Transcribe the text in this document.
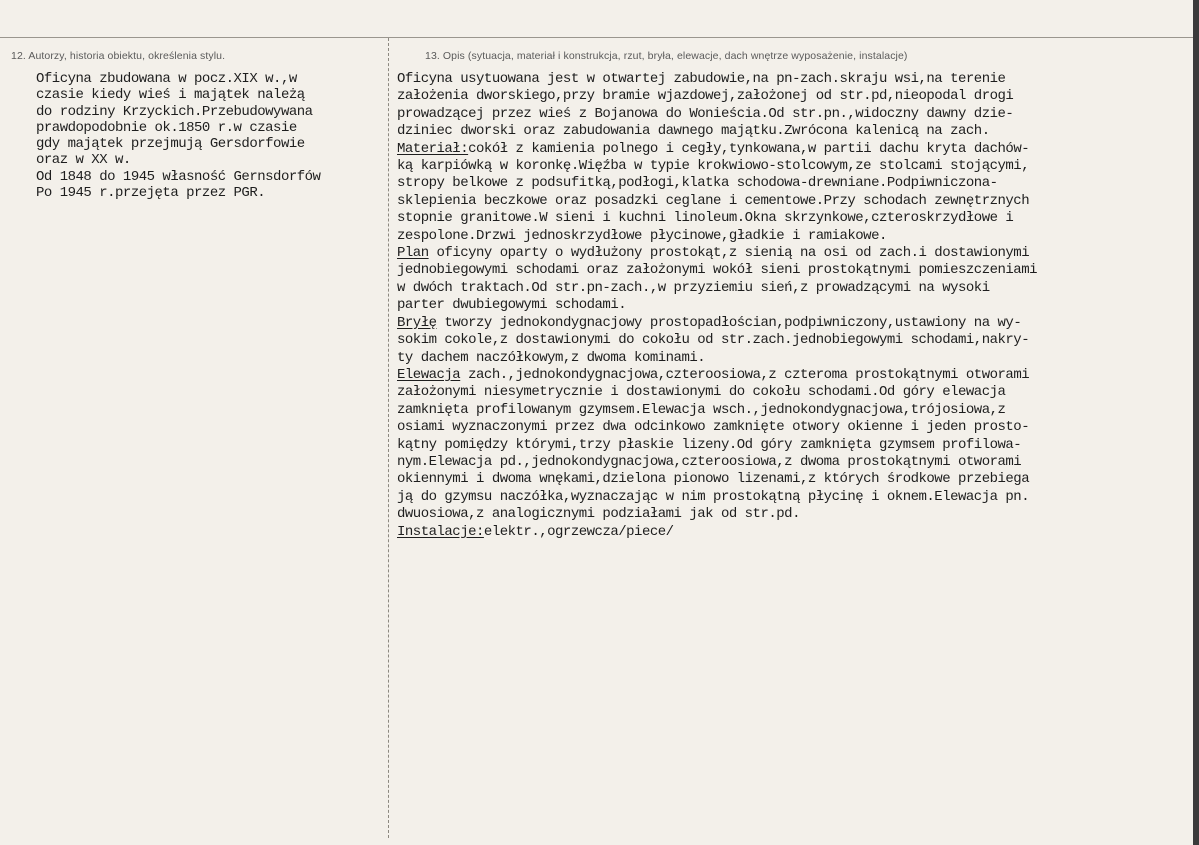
12. Autorzy, historia obiektu, określenia stylu.	13. Opis (sytuacja, materiał i konstrukcja, rzut, bryła, elewacje, dach wnętrze wyposażenie, instalacje)
Oficyna zbudowana w pocz.XIX w.,w
czasie kiedy wieś i majątek należą
do rodziny Krzyckich.Przebudowywana
prawdopodobnie ok.1850 r.w czasie
gdy majątek przejmują Gersdorfowie
oraz w XX w.
Od 1848 do 1945 własność Gernsdorfów
Po 1945 r.przejęta przez PGR.
Oficyna usytuowana jest w otwartej zabudowie,na pn-zach.skraju wsi,na terenie
założenia dworskiego,przy bramie wjazdowej,założonej od str.pd,nieopodal drogi
prowadzącej przez wieś z Bojanowa do Wonieścia.Od str.pn.,widoczny dawny dzie-
dziniec dworski oraz zabudowania dawnego majątku.Zwrócona kalenicą na zach.
Materiał:cokół z kamienia polnego i cegły,tynkowana,w partii dachu kryta dachów-
ką karpiówką w koronkę.Więźba w typie krokwiowo-stolcowym,ze stolcami stojącymi,
stropy belkowe z podsufitką,podłogi,klatka schodowa-drewniane.Podpiwniczona-
sklepienia beczkowe oraz posadzki ceglane i cementowe.Przy schodach zewnętrznych
stopnie granitowe.W sieni i kuchni linoleum.Okna skrzynkowe,czteroskrzydłowe i
zespolone.Drzwi jednoskrzydłowe płycinowe,gładkie i ramiakowe.
Plan oficyny oparty o wydłużony prostokąt,z sienią na osi od zach.i dostawionymi
jednobiegowymi schodami oraz założonymi wokół sieni prostokątnymi pomieszczeniami
w dwóch traktach.Od str.pn-zach.,w przyziemiu sień,z prowadzącymi na wysoki
parter dwubiegowymi schodami.
Bryłę tworzy jednokondygnacjowy prostopadłościan,podpiwniczony,ustawiony na wy-
sokim cokole,z dostawionymi do cokołu od str.zach.jednobiegowymi schodami,nakry-
ty dachem naczółkowym,z dwoma kominami.
Elewacja zach.,jednokondygnacjowa,czteroosiowa,z czteroma prostokątnymi otworami
założonymi niesymetrycznie i dostawionymi do cokołu schodami.Od góry elewacja
zamknięta profilowanym gzymsem.Elewacja wsch.,jednokondygnacjowa,trójosiowa,z
osiami wyznaczonymi przez dwa odcinkowo zamknięte otwory okienne i jeden prosto-
kątny pomiędzy którymi,trzy płaskie lizeny.Od góry zamknięta gzymsem profilowa-
nym.Elewacja pd.,jednokondygnacjowa,czteroosiowa,z dwoma prostokątnymi otworami
okiennymi i dwoma wnękami,dzielona pionowo lizenami,z których środkowe przebiega
ją do gzymsu naczółka,wyznaczając w nim prostokątną płycinę i oknem.Elewacja pn.
dwuosiowa,z analogicznymi podziałami jak od str.pd.
Instalacje:elektr.,ogrzewcza/piece/
